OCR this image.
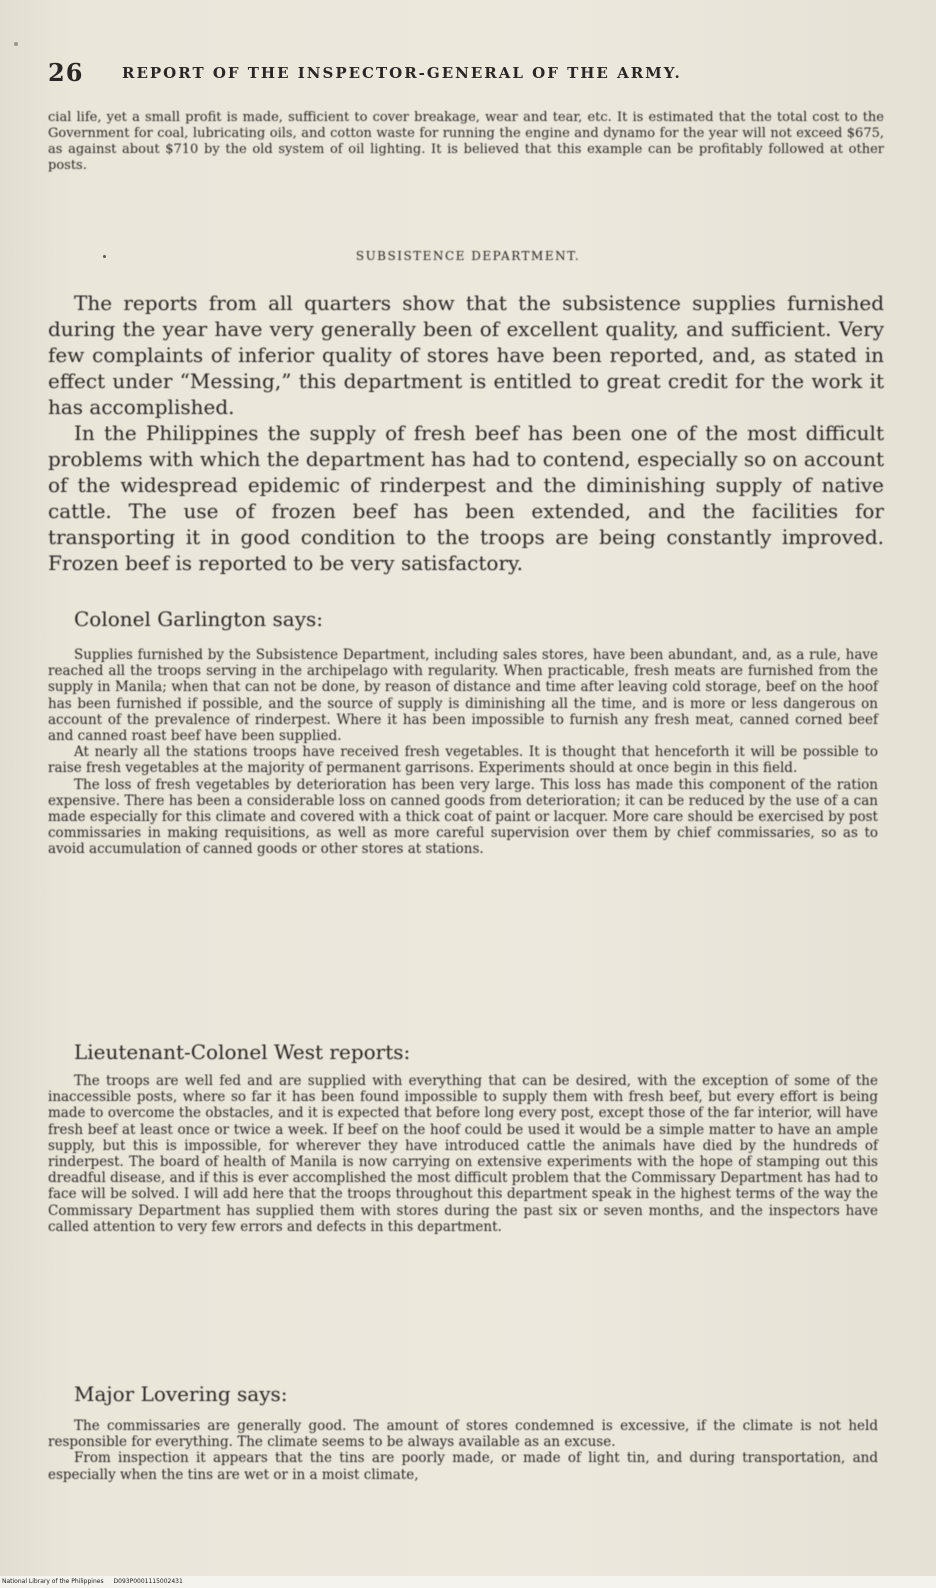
26	REPORT OF THE INSPECTOR-GENERAL OF THE ARMY.

cial life, yet a small profit is made, sufficient to cover breakage, wear and tear, etc. It is estimated that the total cost to the Government for coal, lubricating oils, and cotton waste for running the engine and dynamo for the year will not exceed $675, as against about $710 by the old system of oil lighting. It is believed that this example can be profitably followed at other posts.

SUBSISTENCE DEPARTMENT.

The reports from all quarters show that the subsistence supplies furnished during the year have very generally been of excellent quality, and sufficient. Very few complaints of inferior quality of stores have been reported, and, as stated in effect under “Messing,” this department is entitled to great credit for the work it has accomplished.

In the Philippines the supply of fresh beef has been one of the most difficult problems with which the department has had to contend, especially so on account of the widespread epidemic of rinderpest and the diminishing supply of native cattle. The use of frozen beef has been extended, and the facilities for transporting it in good condition to the troops are being constantly improved. Frozen beef is reported to be very satisfactory.

Colonel Garlington says:

Supplies furnished by the Subsistence Department, including sales stores, have been abundant, and, as a rule, have reached all the troops serving in the archipelago with regularity. When practicable, fresh meats are furnished from the supply in Manila; when that can not be done, by reason of distance and time after leaving cold storage, beef on the hoof has been furnished if possible, and the source of supply is diminishing all the time, and is more or less dangerous on account of the prevalence of rinderpest. Where it has been impossible to furnish any fresh meat, canned corned beef and canned roast beef have been supplied.

At nearly all the stations troops have received fresh vegetables. It is thought that henceforth it will be possible to raise fresh vegetables at the majority of permanent garrisons. Experiments should at once begin in this field.

The loss of fresh vegetables by deterioration has been very large. This loss has made this component of the ration expensive. There has been a considerable loss on canned goods from deterioration; it can be reduced by the use of a can made especially for this climate and covered with a thick coat of paint or lacquer. More care should be exercised by post commissaries in making requisitions, as well as more careful supervision over them by chief commissaries, so as to avoid accumulation of canned goods or other stores at stations.

Lieutenant-Colonel West reports:

The troops are well fed and are supplied with everything that can be desired, with the exception of some of the inaccessible posts, where so far it has been found impossible to supply them with fresh beef, but every effort is being made to overcome the obstacles, and it is expected that before long every post, except those of the far interior, will have fresh beef at least once or twice a week. If beef on the hoof could be used it would be a simple matter to have an ample supply, but this is impossible, for wherever they have introduced cattle the animals have died by the hundreds of rinderpest. The board of health of Manila is now carrying on extensive experiments with the hope of stamping out this dreadful disease, and if this is ever accomplished the most difficult problem that the Commissary Department has had to face will be solved. I will add here that the troops throughout this department speak in the highest terms of the way the Commissary Department has supplied them with stores during the past six or seven months, and the inspectors have called attention to very few errors and defects in this department.

Major Lovering says:

The commissaries are generally good. The amount of stores condemned is excessive, if the climate is not held responsible for everything. The climate seems to be always available as an excuse.

From inspection it appears that the tins are poorly made, or made of light tin, and during transportation, and especially when the tins are wet or in a moist climate,

National Library of the Philippines D093P0001115002431
